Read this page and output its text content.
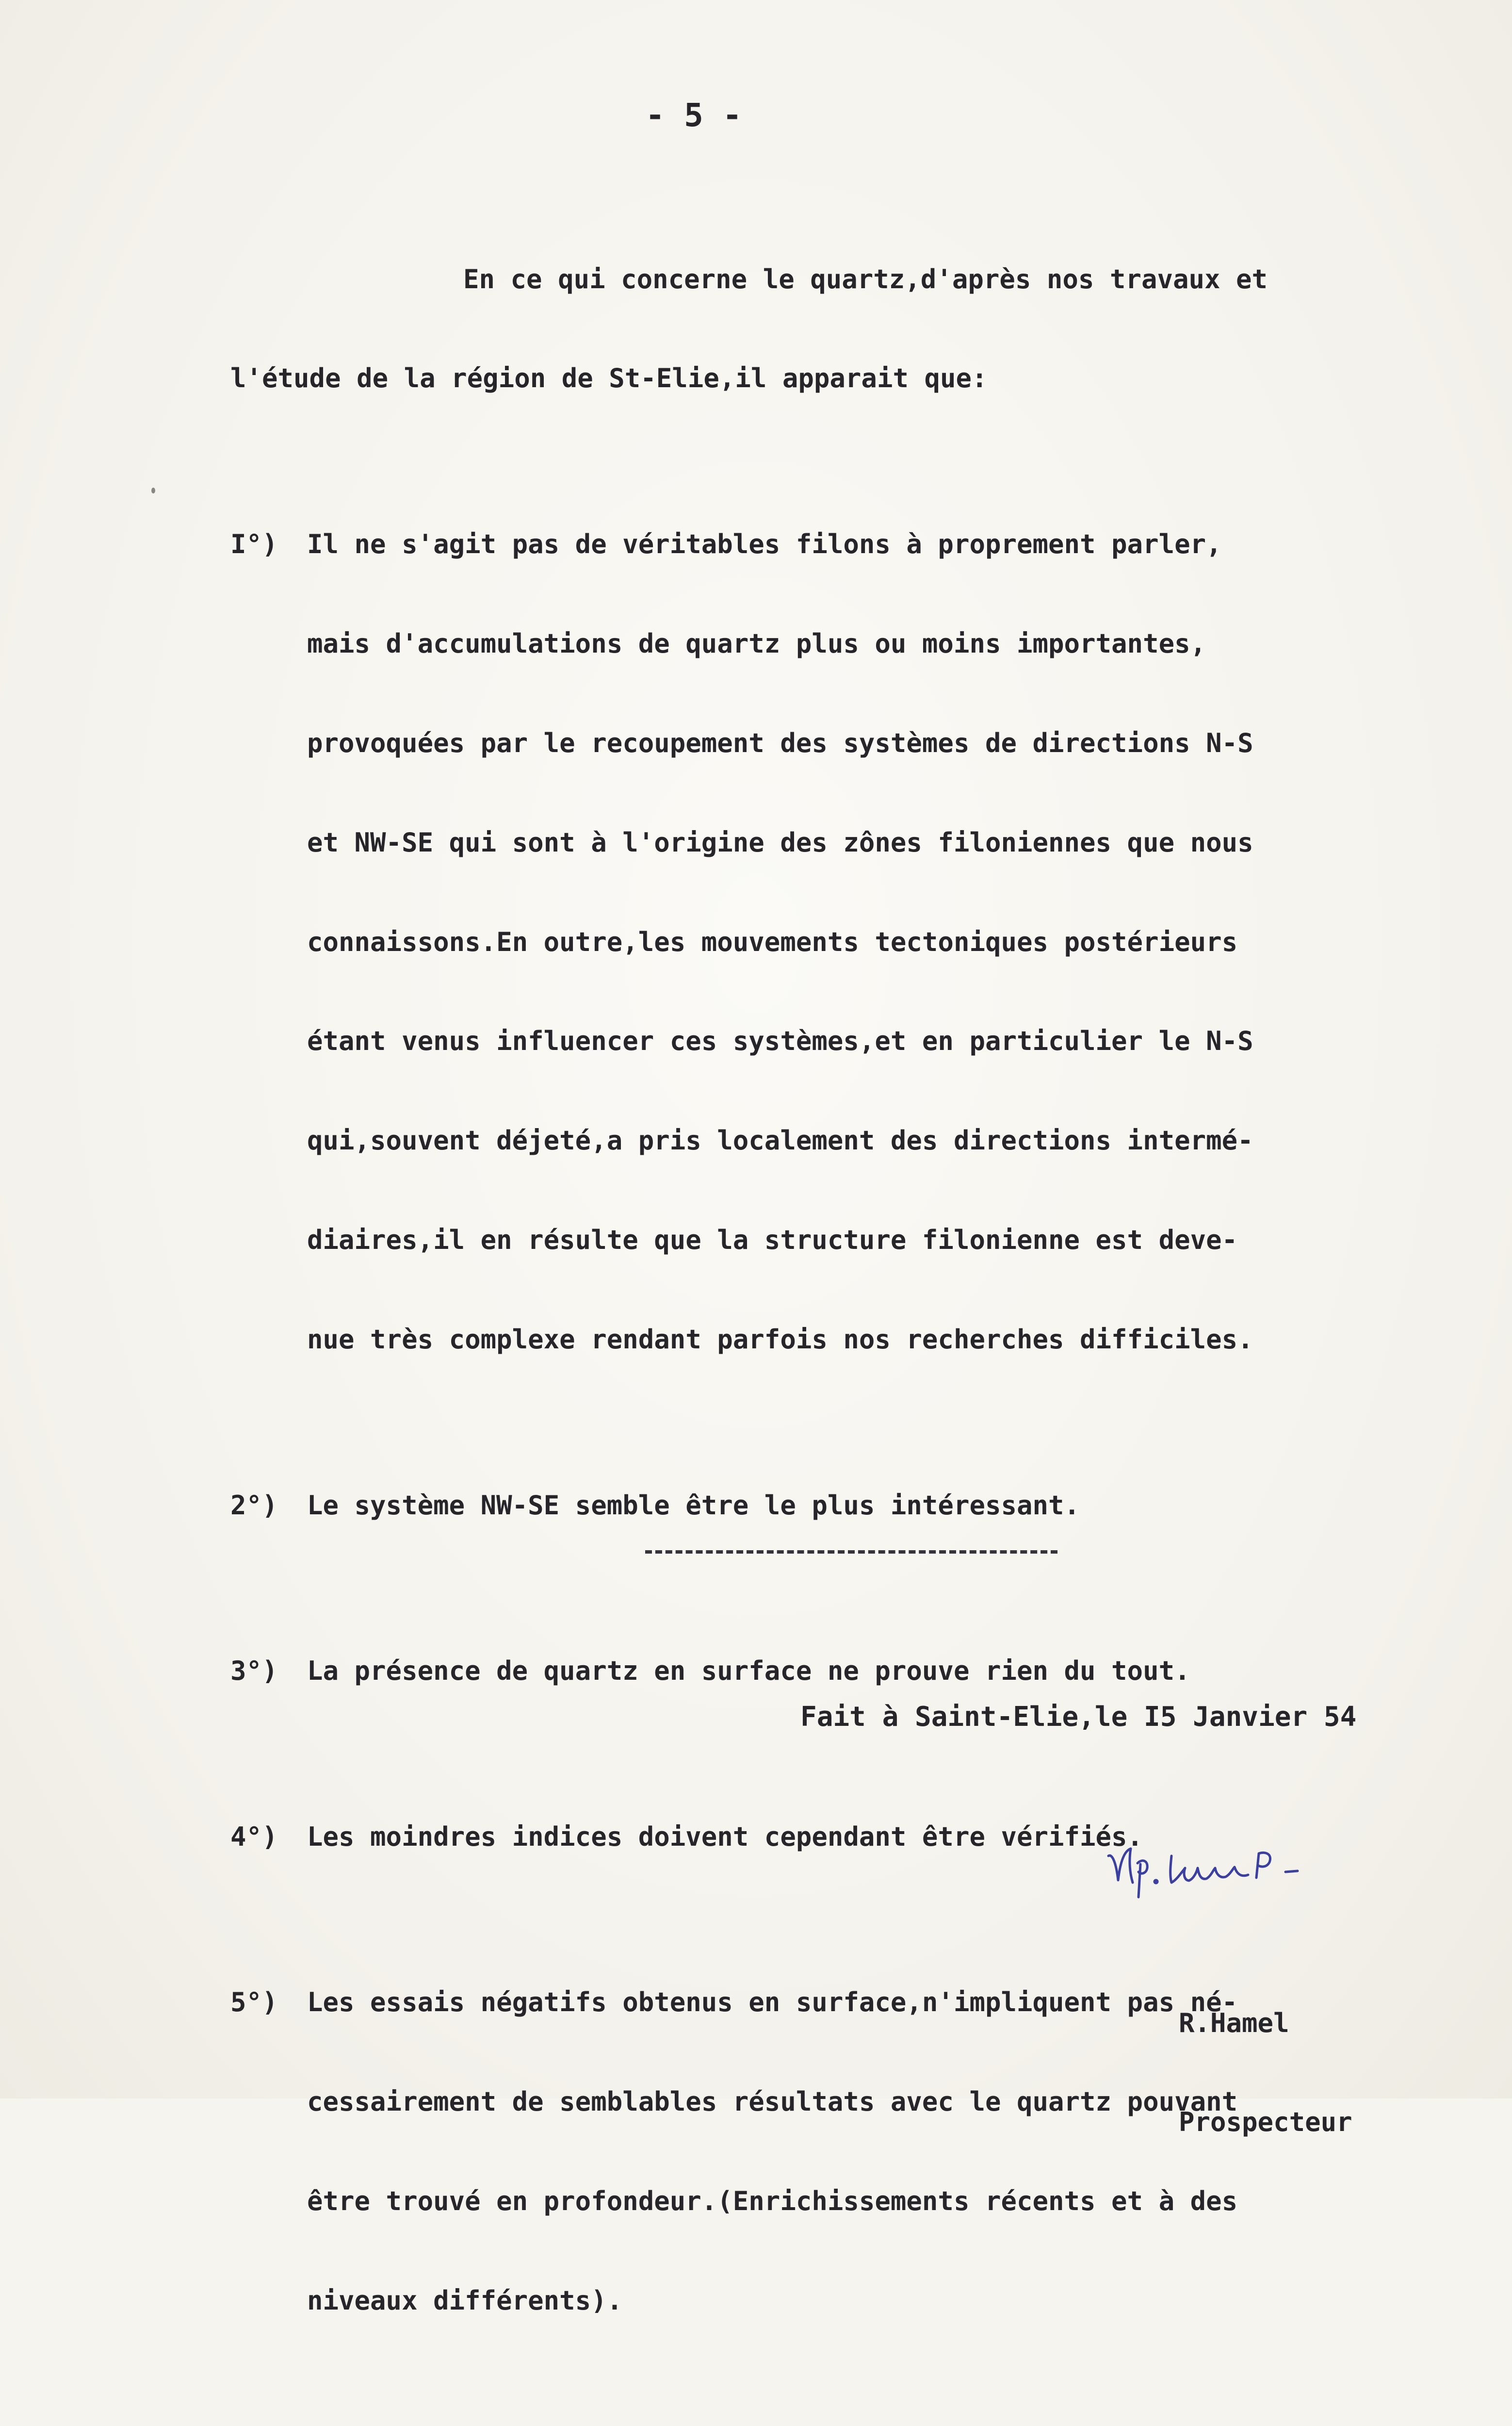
- 5 -

En ce qui concerne le quartz,d'après nos travaux et

l'étude de la région de St-Elie,il apparait que:

I°) Il ne s'agit pas de véritables filons à proprement parler,

mais d'accumulations de quartz plus ou moins importantes,

provoquées par le recoupement des systèmes de directions N-S

et NW-SE qui sont à l'origine des zônes filoniennes que nous

connaissons.En outre,les mouvements tectoniques postérieurs

étant venus influencer ces systèmes,et en particulier le N-S

qui,souvent déjeté,a pris localement des directions intermé-

diaires,il en résulte que la structure filonienne est deve-

nue très complexe rendant parfois nos recherches difficiles.

2°) Le système NW-SE semble être le plus intéressant.

3°) La présence de quartz en surface ne prouve rien du tout.

4°) Les moindres indices doivent cependant être vérifiés.

5°) Les essais négatifs obtenus en surface,n'impliquent pas né-

cessairement de semblables résultats avec le quartz pouvant

être trouvé en profondeur.(Enrichissements récents et à des

niveaux différents).

Fait à Saint-Elie,le I5 Janvier 54

R.Hamel

Prospecteur
